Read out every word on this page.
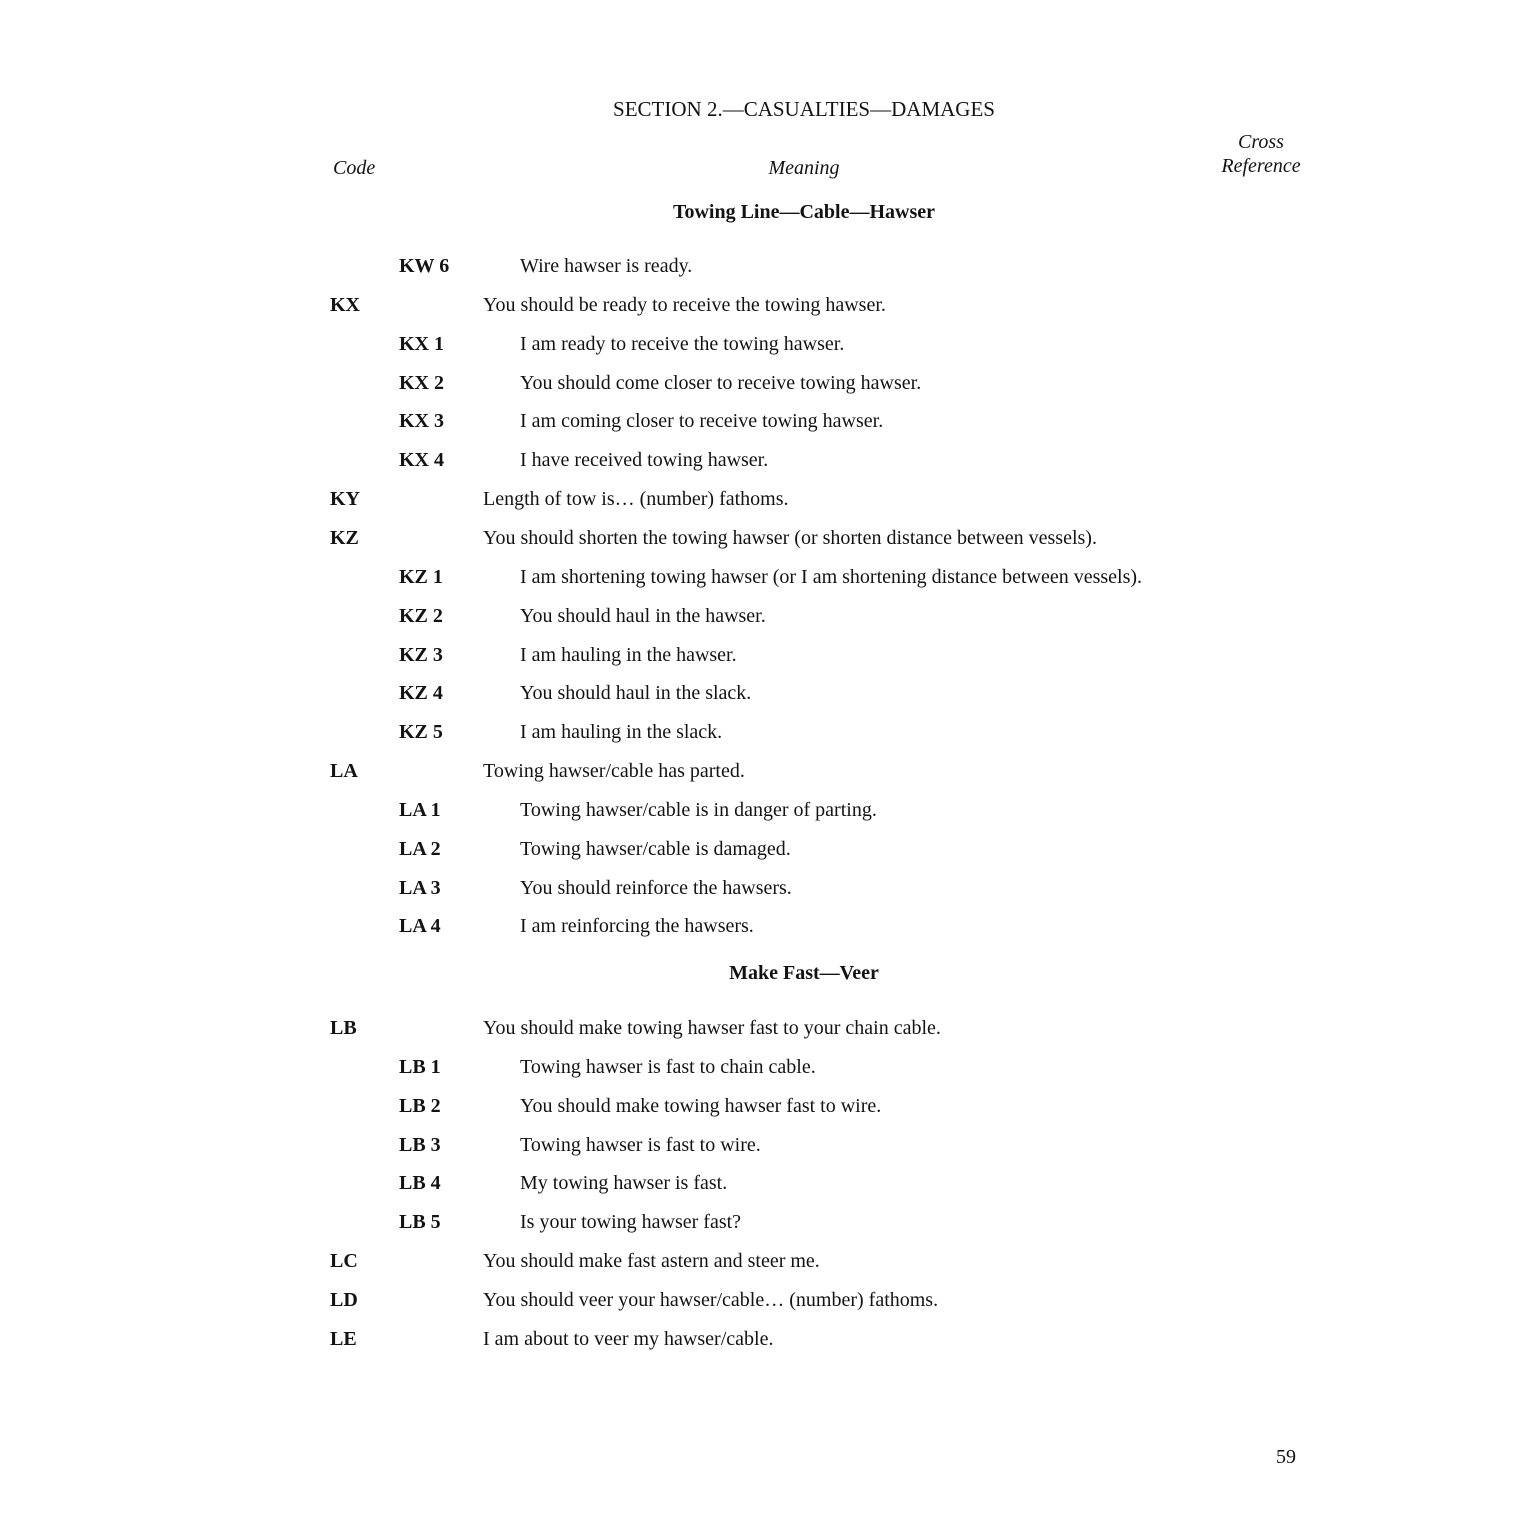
SECTION 2.—CASUALTIES—DAMAGES
Code	Meaning
Cross
Reference
Towing Line—Cable—Hawser
KW 6	Wire hawser is ready.
KX	You should be ready to receive the towing hawser.
KX 1	I am ready to receive the towing hawser.
KX 2	You should come closer to receive towing hawser.
KX 3	I am coming closer to receive towing hawser.
KX 4	I have received towing hawser.
KY	Length of tow is… (number) fathoms.
KZ	You should shorten the towing hawser (or shorten distance between vessels).
KZ 1	I am shortening towing hawser (or I am shortening distance between vessels).
KZ 2	You should haul in the hawser.
KZ 3	I am hauling in the hawser.
KZ 4	You should haul in the slack.
KZ 5	I am hauling in the slack.
LA	Towing hawser/cable has parted.
LA 1	Towing hawser/cable is in danger of parting.
LA 2	Towing hawser/cable is damaged.
LA 3	You should reinforce the hawsers.
LA 4	I am reinforcing the hawsers.
Make Fast—Veer
LB	You should make towing hawser fast to your chain cable.
LB 1	Towing hawser is fast to chain cable.
LB 2	You should make towing hawser fast to wire.
LB 3	Towing hawser is fast to wire.
LB 4	My towing hawser is fast.
LB 5	Is your towing hawser fast?
LC	You should make fast astern and steer me.
LD	You should veer your hawser/cable… (number) fathoms.
LE	I am about to veer my hawser/cable.
59
